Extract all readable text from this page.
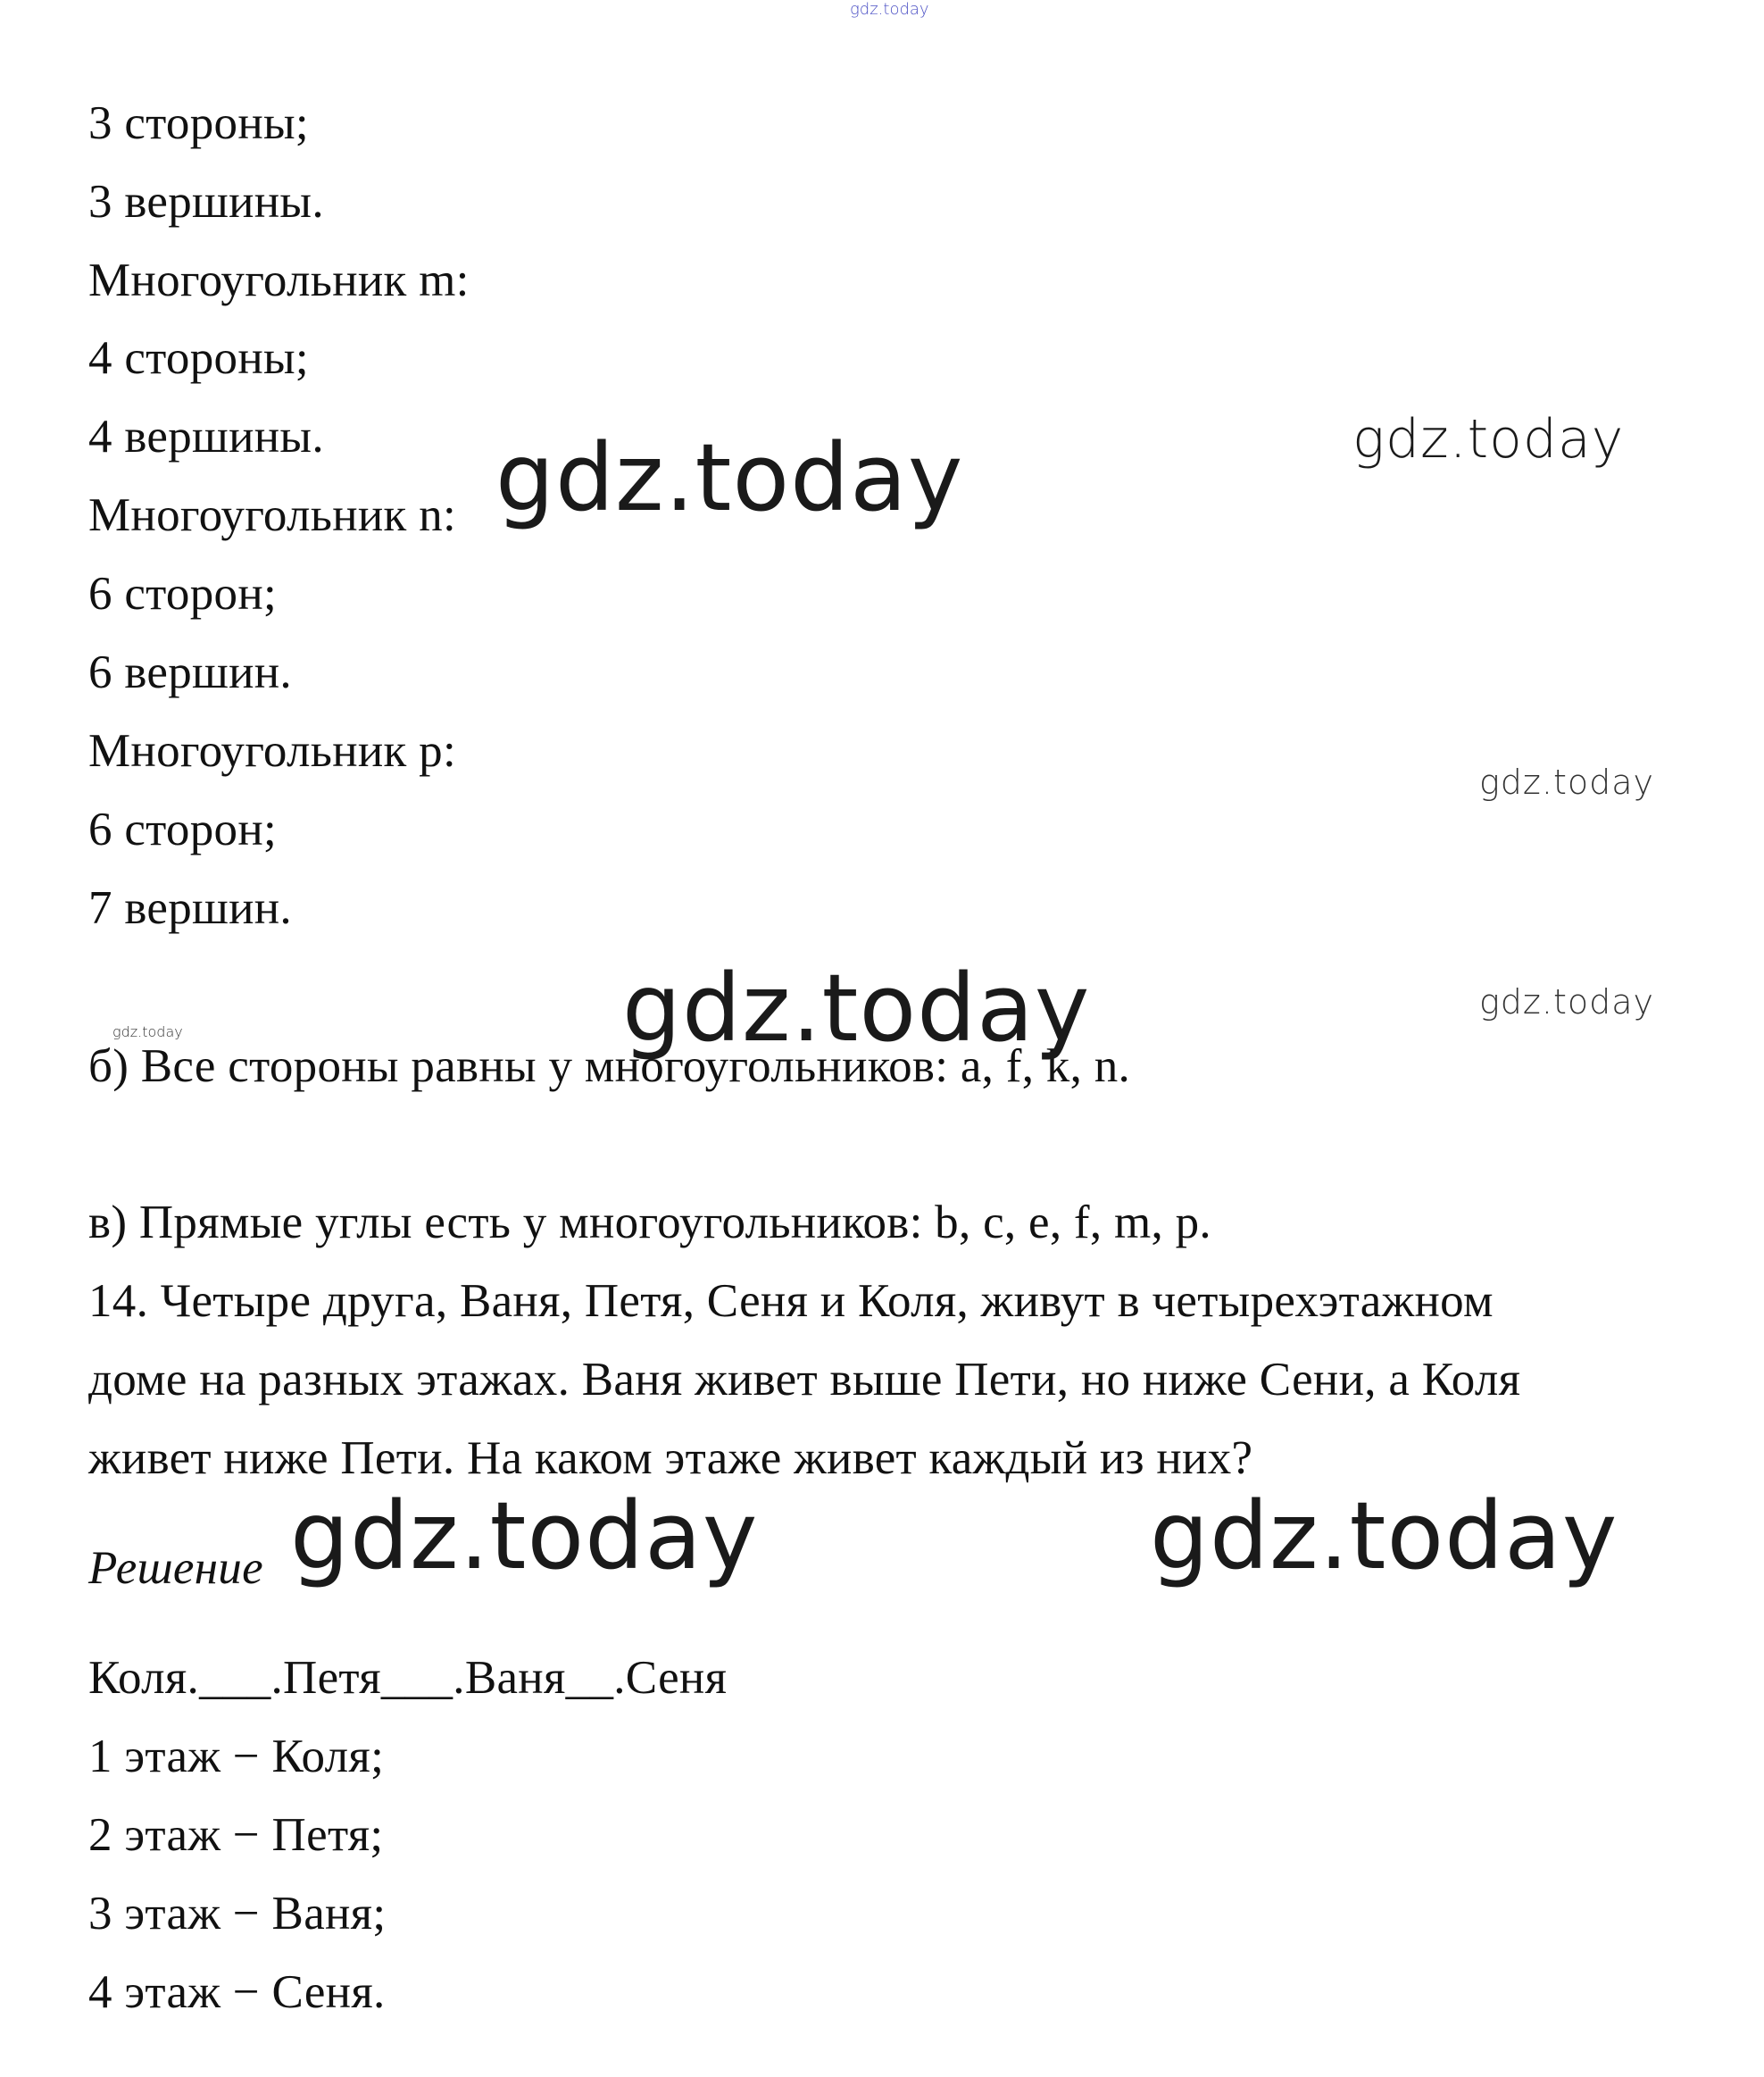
gdz.today
3 стороны;
3 вершины.
Многоугольник m:
4 стороны;
4 вершины.
Многоугольник n:
6 сторон;
6 вершин.
Многоугольник p:
6 сторон;
7 вершин.
б) Все стороны равны у многоугольников: a, f, k, n.
в) Прямые углы есть у многоугольников: b, c, e, f, m, p.
14. Четыре друга, Ваня, Петя, Сеня и Коля, живут в четырехэтажном
доме на разных этажах. Ваня живет выше Пети, но ниже Сени, а Коля
живет ниже Пети. На каком этаже живет каждый из них?
Решение
Коля.___.Петя___.Ваня__.Сеня
1 этаж − Коля;
2 этаж − Петя;
3 этаж − Ваня;
4 этаж − Сеня.
gdz.today
gdz.today
gdz.today
gdz.today	gdz.today
gdz.today
gdz.today	gdz.today
